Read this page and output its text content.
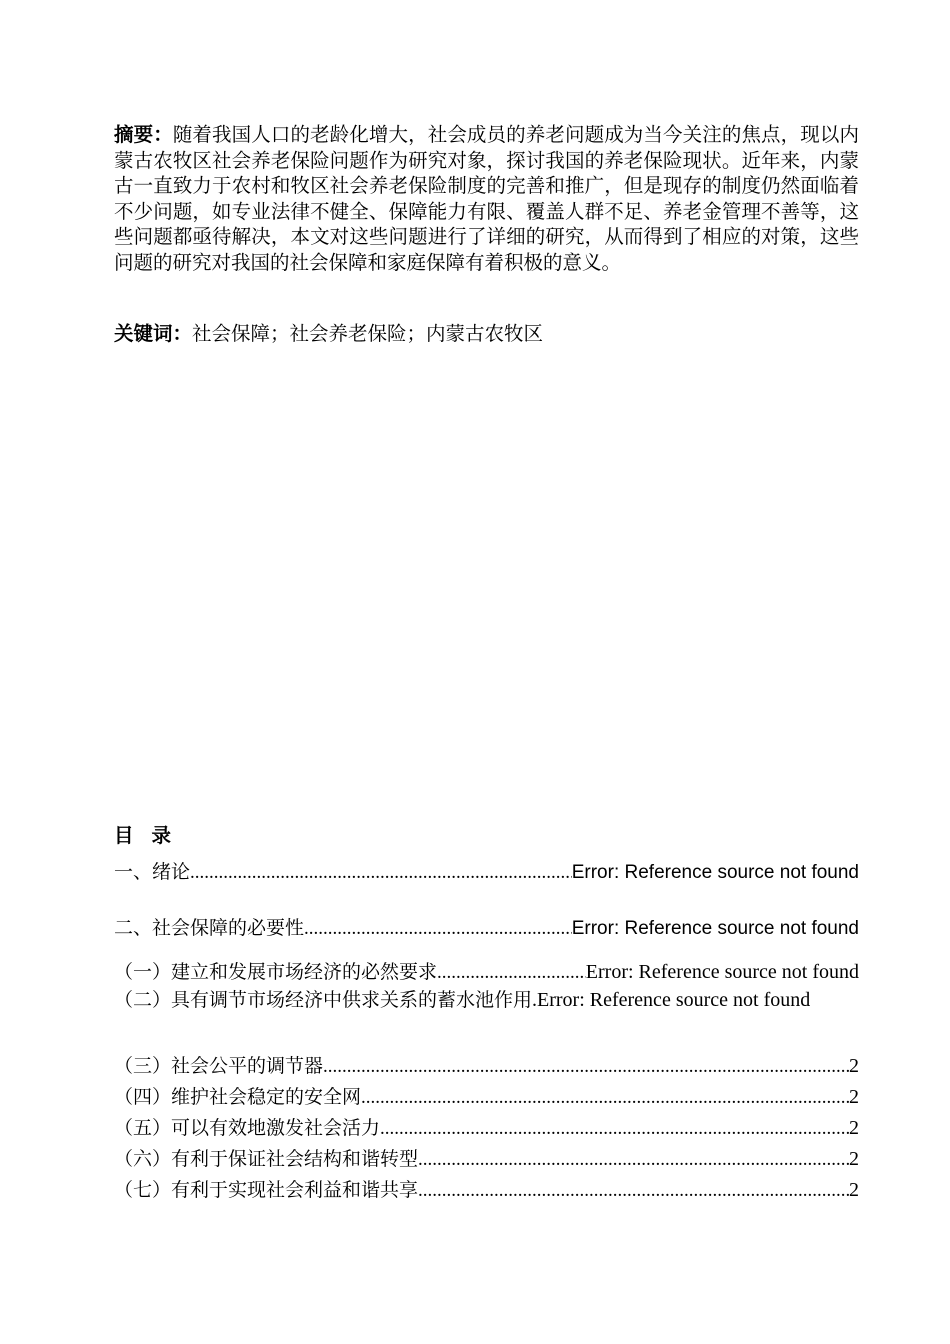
摘要：随着我国人口的老龄化增大，社会成员的养老问题成为当今关注的焦点，现以内蒙古农牧区社会养老保险问题作为研究对象，探讨我国的养老保险现状。近年来，内蒙古一直致力于农村和牧区社会养老保险制度的完善和推广，但是现存的制度仍然面临着不少问题，如专业法律不健全、保障能力有限、覆盖人群不足、养老金管理不善等，这些问题都亟待解决，本文对这些问题进行了详细的研究，从而得到了相应的对策，这些问题的研究对我国的社会保障和家庭保障有着积极的意义。

关键词：社会保障；社会养老保险；内蒙古农牧区

目录
一、绪论 .....	Error: Reference source not found
二、社会保障的必要性 .....	Error: Reference source not found
（一）建立和发展市场经济的必然要求 .....	Error: Reference source not found
（二）具有调节市场经济中供求关系的蓄水池作用.Error: Reference source not found
（三）社会公平的调节器 .....	2
（四）维护社会稳定的安全网 .....	2
（五）可以有效地激发社会活力 .....	2
（六）有利于保证社会结构和谐转型 .....	2
（七）有利于实现社会利益和谐共享 .....	2
